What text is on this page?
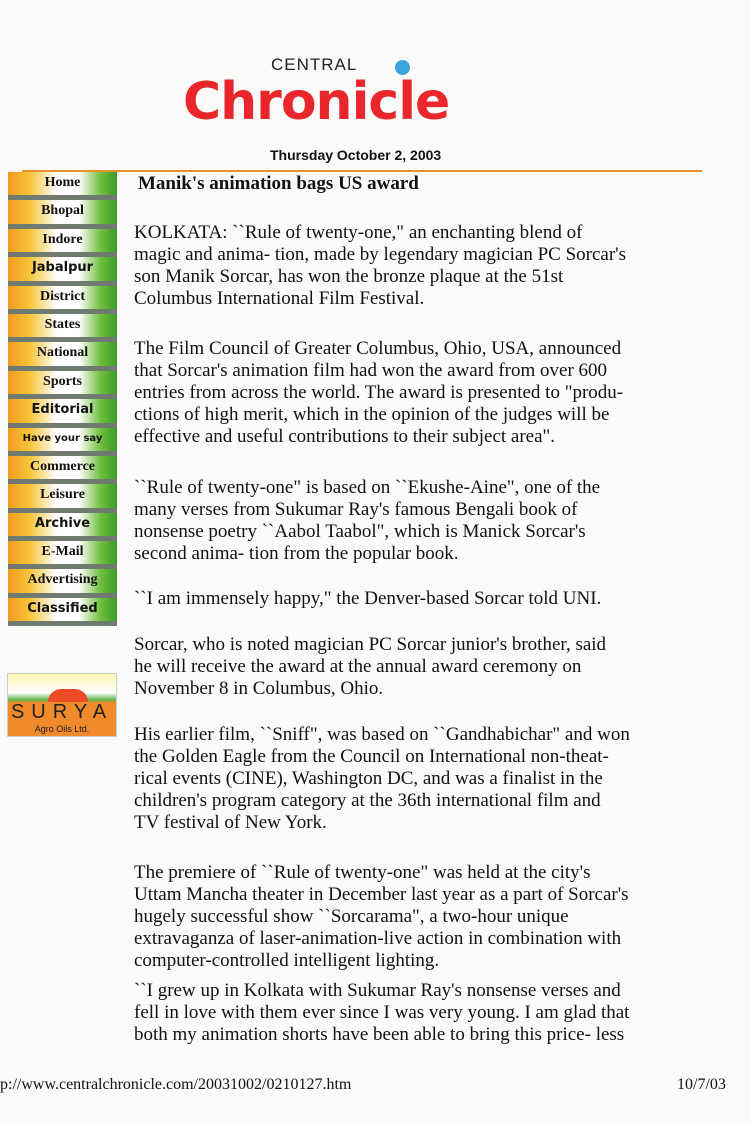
CENTRAL
Chronicle
Thursday October 2, 2003
Home
Bhopal
Indore
Jabalpur
District
States
National
Sports
Editorial
Have your say
Commerce
Leisure
Archive
E-Mail
Advertising
Classified
SURYA
Agro Oils Ltd.
Manik's animation bags US award

KOLKATA: ``Rule of twenty-one," an enchanting blend of
magic and anima- tion, made by legendary magician PC Sorcar's
son Manik Sorcar, has won the bronze plaque at the 51st
Columbus International Film Festival.

The Film Council of Greater Columbus, Ohio, USA, announced
that Sorcar's animation film had won the award from over 600
entries from across the world. The award is presented to "produ-
ctions of high merit, which in the opinion of the judges will be
effective and useful contributions to their subject area".

``Rule of twenty-one" is based on ``Ekushe-Aine", one of the
many verses from Sukumar Ray's famous Bengali book of
nonsense poetry ``Aabol Taabol", which is Manick Sorcar's
second anima- tion from the popular book.

``I am immensely happy," the Denver-based Sorcar told UNI.

Sorcar, who is noted magician PC Sorcar junior's brother, said
he will receive the award at the annual award ceremony on
November 8 in Columbus, Ohio.

His earlier film, ``Sniff", was based on ``Gandhabichar" and won
the Golden Eagle from the Council on International non-theat-
rical events (CINE), Washington DC, and was a finalist in the
children's program category at the 36th international film and
TV festival of New York.

The premiere of ``Rule of twenty-one" was held at the city's
Uttam Mancha theater in December last year as a part of Sorcar's
hugely successful show ``Sorcarama", a two-hour unique
extravaganza of laser-animation-live action in combination with
computer-controlled intelligent lighting.

``I grew up in Kolkata with Sukumar Ray's nonsense verses and
fell in love with them ever since I was very young. I am glad that
both my animation shorts have been able to bring this price- less

p://www.centralchronicle.com/20031002/0210127.htm	10/7/03
